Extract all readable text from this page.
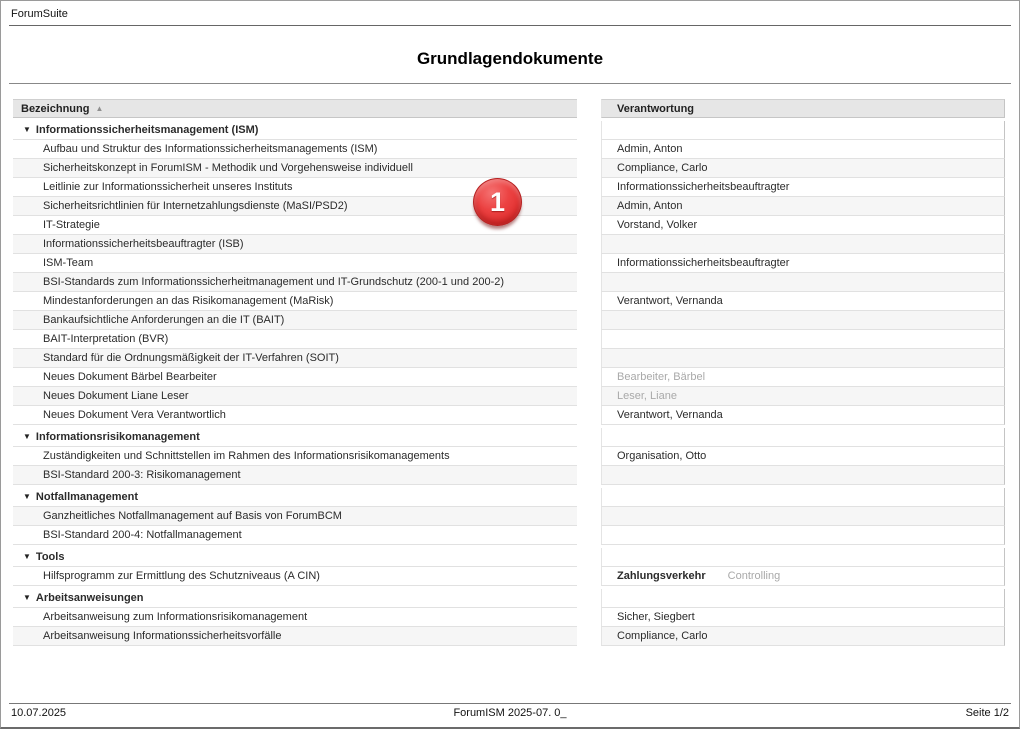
ForumSuite
Grundlagendokumente
Bezeichnung ▲	Verantwortung
▼ Informationssicherheitsmanagement (ISM)
Aufbau und Struktur des Informationssicherheitsmanagements (ISM)	Admin, Anton
Sicherheitskonzept in ForumISM - Methodik und Vorgehensweise individuell	Compliance, Carlo
Leitlinie zur Informationssicherheit unseres Instituts	Informationssicherheitsbeauftragter
Sicherheitsrichtlinien für Internetzahlungsdienste (MaSI/PSD2)	Admin, Anton
IT-Strategie	Vorstand, Volker
Informationssicherheitsbeauftragter (ISB)
ISM-Team	Informationssicherheitsbeauftragter
BSI-Standards zum Informationssicherheitmanagement und IT-Grundschutz (200-1 und 200-2)
Mindestanforderungen an das Risikomanagement (MaRisk)	Verantwort, Vernanda
Bankaufsichtliche Anforderungen an die IT (BAIT)
BAIT-Interpretation (BVR)
Standard für die Ordnungsmäßigkeit der IT-Verfahren (SOIT)
Neues Dokument Bärbel Bearbeiter	Bearbeiter, Bärbel
Neues Dokument Liane Leser	Leser, Liane
Neues Dokument Vera Verantwortlich	Verantwort, Vernanda
▼ Informationsrisikomanagement
Zuständigkeiten und Schnittstellen im Rahmen des Informationsrisikomanagements	Organisation, Otto
BSI-Standard 200-3: Risikomanagement
▼ Notfallmanagement
Ganzheitliches Notfallmanagement auf Basis von ForumBCM
BSI-Standard 200-4: Notfallmanagement
▼ Tools
Hilfsprogramm zur Ermittlung des Schutzniveaus (A CIN)	Zahlungsverkehr Controlling
▼ Arbeitsanweisungen
Arbeitsanweisung zum Informationsrisikomanagement	Sicher, Siegbert
Arbeitsanweisung Informationssicherheitsvorfälle	Compliance, Carlo
1
ForumISM 2025-07. 0_
10.07.2025	Seite 1/2
